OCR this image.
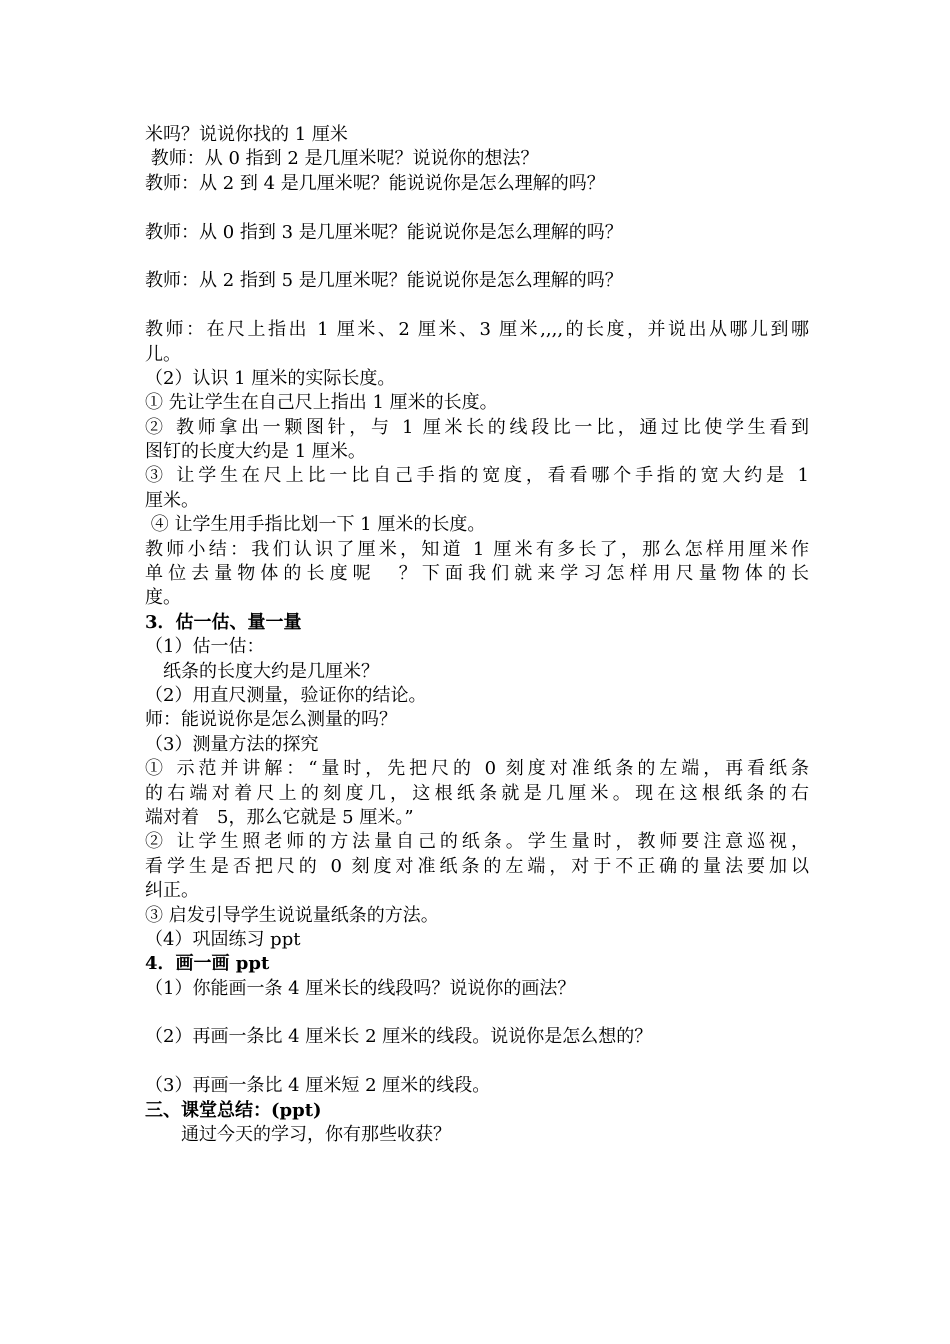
米吗？说说你找的 1 厘米
教师：从 0 指到 2 是几厘米呢？说说你的想法？
教师：从 2 到 4 是几厘米呢？能说说你是怎么理解的吗？
教师：从 0 指到 3 是几厘米呢？能说说你是怎么理解的吗？
教师：从 2 指到 5 是几厘米呢？能说说你是怎么理解的吗？
教师：在尺上指出 1 厘米、2 厘米、3 厘米,,,,的长度，并说出从哪儿到哪
儿。
（2）认识 1 厘米的实际长度。
① 先让学生在自己尺上指出 1 厘米的长度。
② 教师拿出一颗图针，与 1 厘米长的线段比一比，通过比使学生看到
图钉的长度大约是 1 厘米。
③ 让学生在尺上比一比自己手指的宽度，看看哪个手指的宽大约是 1
厘米。
④ 让学生用手指比划一下 1 厘米的长度。
教师小结：我们认识了厘米，知道 1 厘米有多长了，那么怎样用厘米作
单位去量物体的长度呢　？下面我们就来学习怎样用尺量物体的长
度。
3．估一估、量一量
（1）估一估：
　纸条的长度大约是几厘米？
（2）用直尺测量，验证你的结论。
师：能说说你是怎么测量的吗？
（3）测量方法的探究
① 示范并讲解：“量时，先把尺的 0 刻度对准纸条的左端，再看纸条
的右端对着尺上的刻度几，这根纸条就是几厘米。现在这根纸条的右
端对着　5，那么它就是 5 厘米。”
② 让学生照老师的方法量自己的纸条。学生量时，教师要注意巡视，
看学生是否把尺的 0 刻度对准纸条的左端，对于不正确的量法要加以
纠正。
③ 启发引导学生说说量纸条的方法。
（4）巩固练习 ppt
4．画一画 ppt
（1）你能画一条 4 厘米长的线段吗？说说你的画法？
（2）再画一条比 4 厘米长 2 厘米的线段。说说你是怎么想的？
（3）再画一条比 4 厘米短 2 厘米的线段。
三、课堂总结：(ppt)
　　通过今天的学习，你有那些收获？
